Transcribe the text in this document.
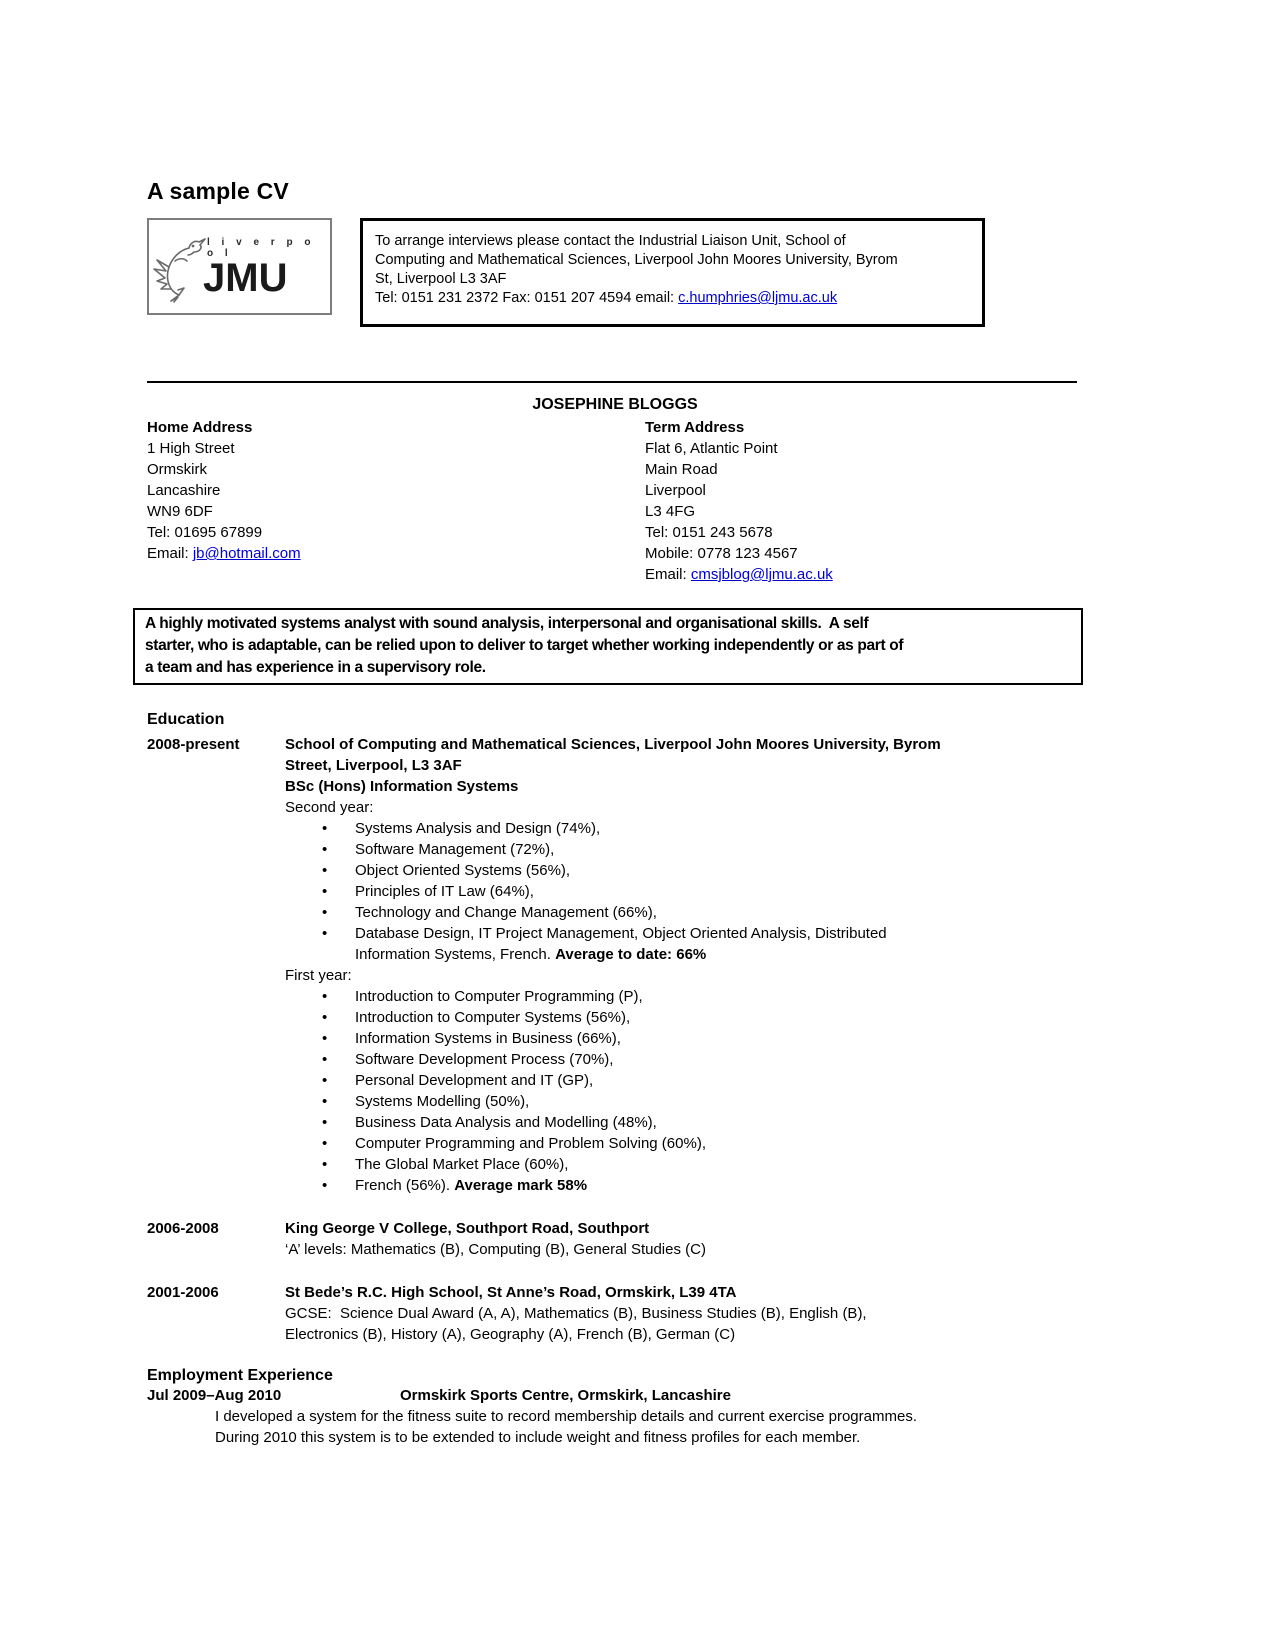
A sample CV
l i v e r p o o l
JMU
To arrange interviews please contact the Industrial Liaison Unit, School of
Computing and Mathematical Sciences, Liverpool John Moores University, Byrom
St, Liverpool L3 3AF
Tel: 0151 231 2372 Fax: 0151 207 4594 email: c.humphries@ljmu.ac.uk
JOSEPHINE BLOGGS
Home Address
1 High Street
Ormskirk
Lancashire
WN9 6DF
Tel: 01695 67899
Email: jb@hotmail.com
Term Address
Flat 6, Atlantic Point
Main Road
Liverpool
L3 4FG
Tel: 0151 243 5678
Mobile: 0778 123 4567
Email: cmsjblog@ljmu.ac.uk
A highly motivated systems analyst with sound analysis, interpersonal and organisational skills.  A self
starter, who is adaptable, can be relied upon to deliver to target whether working independently or as part of
a team and has experience in a supervisory role.
Education
2008-present	School of Computing and Mathematical Sciences, Liverpool John Moores University, Byrom
Street, Liverpool, L3 3AF
BSc (Hons) Information Systems
Second year:
• Systems Analysis and Design (74%),
• Software Management (72%),
• Object Oriented Systems (56%),
• Principles of IT Law (64%),
• Technology and Change Management (66%),
• Database Design, IT Project Management, Object Oriented Analysis, Distributed Information Systems, French. Average to date: 66%
First year:
• Introduction to Computer Programming (P),
• Introduction to Computer Systems (56%),
• Information Systems in Business (66%),
• Software Development Process (70%),
• Personal Development and IT (GP),
• Systems Modelling (50%),
• Business Data Analysis and Modelling (48%),
• Computer Programming and Problem Solving (60%),
• The Global Market Place (60%),
• French (56%). Average mark 58%
2006-2008	King George V College, Southport Road, Southport
‘A’ levels: Mathematics (B), Computing (B), General Studies (C)
2001-2006	St Bede’s R.C. High School, St Anne’s Road, Ormskirk, L39 4TA
GCSE:  Science Dual Award (A, A), Mathematics (B), Business Studies (B), English (B),
Electronics (B), History (A), Geography (A), French (B), German (C)
Employment Experience
Jul 2009–Aug 2010	Ormskirk Sports Centre, Ormskirk, Lancashire
I developed a system for the fitness suite to record membership details and current exercise programmes.
During 2010 this system is to be extended to include weight and fitness profiles for each member.
